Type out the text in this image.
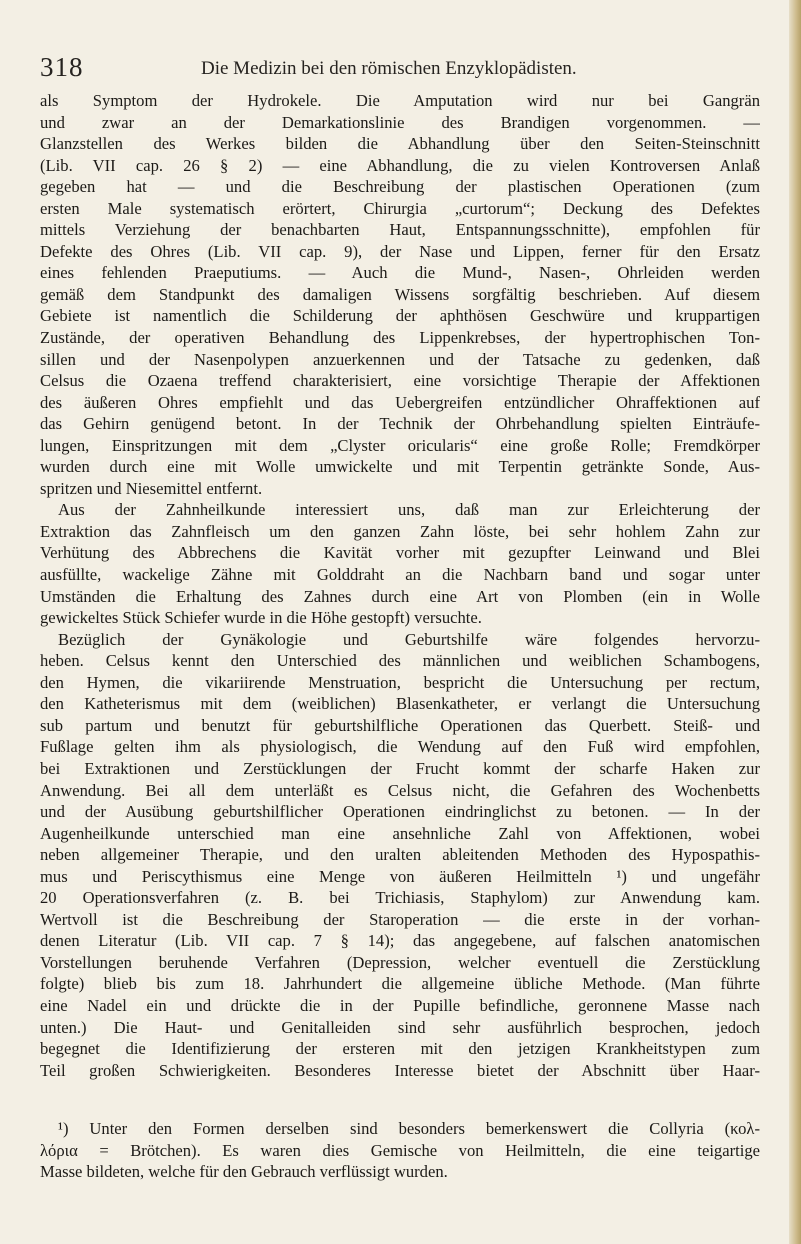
318	Die Medizin bei den römischen Enzyklopädisten.
als Symptom der Hydrokele. Die Amputation wird nur bei Gangrän
und zwar an der Demarkationslinie des Brandigen vorgenommen. —
Glanzstellen des Werkes bilden die Abhandlung über den Seiten-Steinschnitt
(Lib. VII cap. 26 § 2) — eine Abhandlung, die zu vielen Kontroversen Anlaß
gegeben hat — und die Beschreibung der plastischen Operationen (zum
ersten Male systematisch erörtert, Chirurgia „curtorum“; Deckung des Defektes
mittels Verziehung der benachbarten Haut, Entspannungsschnitte), empfohlen für
Defekte des Ohres (Lib. VII cap. 9), der Nase und Lippen, ferner für den Ersatz
eines fehlenden Praeputiums. — Auch die Mund-, Nasen-, Ohrleiden werden
gemäß dem Standpunkt des damaligen Wissens sorgfältig beschrieben. Auf diesem
Gebiete ist namentlich die Schilderung der aphthösen Geschwüre und kruppartigen
Zustände, der operativen Behandlung des Lippenkrebses, der hypertrophischen Ton-
sillen und der Nasenpolypen anzuerkennen und der Tatsache zu gedenken, daß
Celsus die Ozaena treffend charakterisiert, eine vorsichtige Therapie der Affektionen
des äußeren Ohres empfiehlt und das Uebergreifen entzündlicher Ohraffektionen auf
das Gehirn genügend betont. In der Technik der Ohrbehandlung spielten Einträufe-
lungen, Einspritzungen mit dem „Clyster oricularis“ eine große Rolle; Fremdkörper
wurden durch eine mit Wolle umwickelte und mit Terpentin getränkte Sonde, Aus-
spritzen und Niesemittel entfernt.
Aus der Zahnheilkunde interessiert uns, daß man zur Erleichterung der
Extraktion das Zahnfleisch um den ganzen Zahn löste, bei sehr hohlem Zahn zur
Verhütung des Abbrechens die Kavität vorher mit gezupfter Leinwand und Blei
ausfüllte, wackelige Zähne mit Golddraht an die Nachbarn band und sogar unter
Umständen die Erhaltung des Zahnes durch eine Art von Plomben (ein in Wolle
gewickeltes Stück Schiefer wurde in die Höhe gestopft) versuchte.
Bezüglich der Gynäkologie und Geburtshilfe wäre folgendes hervorzu-
heben. Celsus kennt den Unterschied des männlichen und weiblichen Schambogens,
den Hymen, die vikariirende Menstruation, bespricht die Untersuchung per rectum,
den Katheterismus mit dem (weiblichen) Blasenkatheter, er verlangt die Untersuchung
sub partum und benutzt für geburtshilfliche Operationen das Querbett. Steiß- und
Fußlage gelten ihm als physiologisch, die Wendung auf den Fuß wird empfohlen,
bei Extraktionen und Zerstücklungen der Frucht kommt der scharfe Haken zur
Anwendung. Bei all dem unterläßt es Celsus nicht, die Gefahren des Wochenbetts
und der Ausübung geburtshilflicher Operationen eindringlichst zu betonen. — In der
Augenheilkunde unterschied man eine ansehnliche Zahl von Affektionen, wobei
neben allgemeiner Therapie, und den uralten ableitenden Methoden des Hypospathis-
mus und Periscythismus eine Menge von äußeren Heilmitteln ¹) und ungefähr
20 Operationsverfahren (z. B. bei Trichiasis, Staphylom) zur Anwendung kam.
Wertvoll ist die Beschreibung der Staroperation — die erste in der vorhan-
denen Literatur (Lib. VII cap. 7 § 14); das angegebene, auf falschen anatomischen
Vorstellungen beruhende Verfahren (Depression, welcher eventuell die Zerstücklung
folgte) blieb bis zum 18. Jahrhundert die allgemeine übliche Methode. (Man führte
eine Nadel ein und drückte die in der Pupille befindliche, geronnene Masse nach
unten.) Die Haut- und Genitalleiden sind sehr ausführlich besprochen, jedoch
begegnet die Identifizierung der ersteren mit den jetzigen Krankheitstypen zum
Teil großen Schwierigkeiten. Besonderes Interesse bietet der Abschnitt über Haar-
¹) Unter den Formen derselben sind besonders bemerkenswert die Collyria (κολ-
λόρια = Brötchen). Es waren dies Gemische von Heilmitteln, die eine teigartige
Masse bildeten, welche für den Gebrauch verflüssigt wurden.
